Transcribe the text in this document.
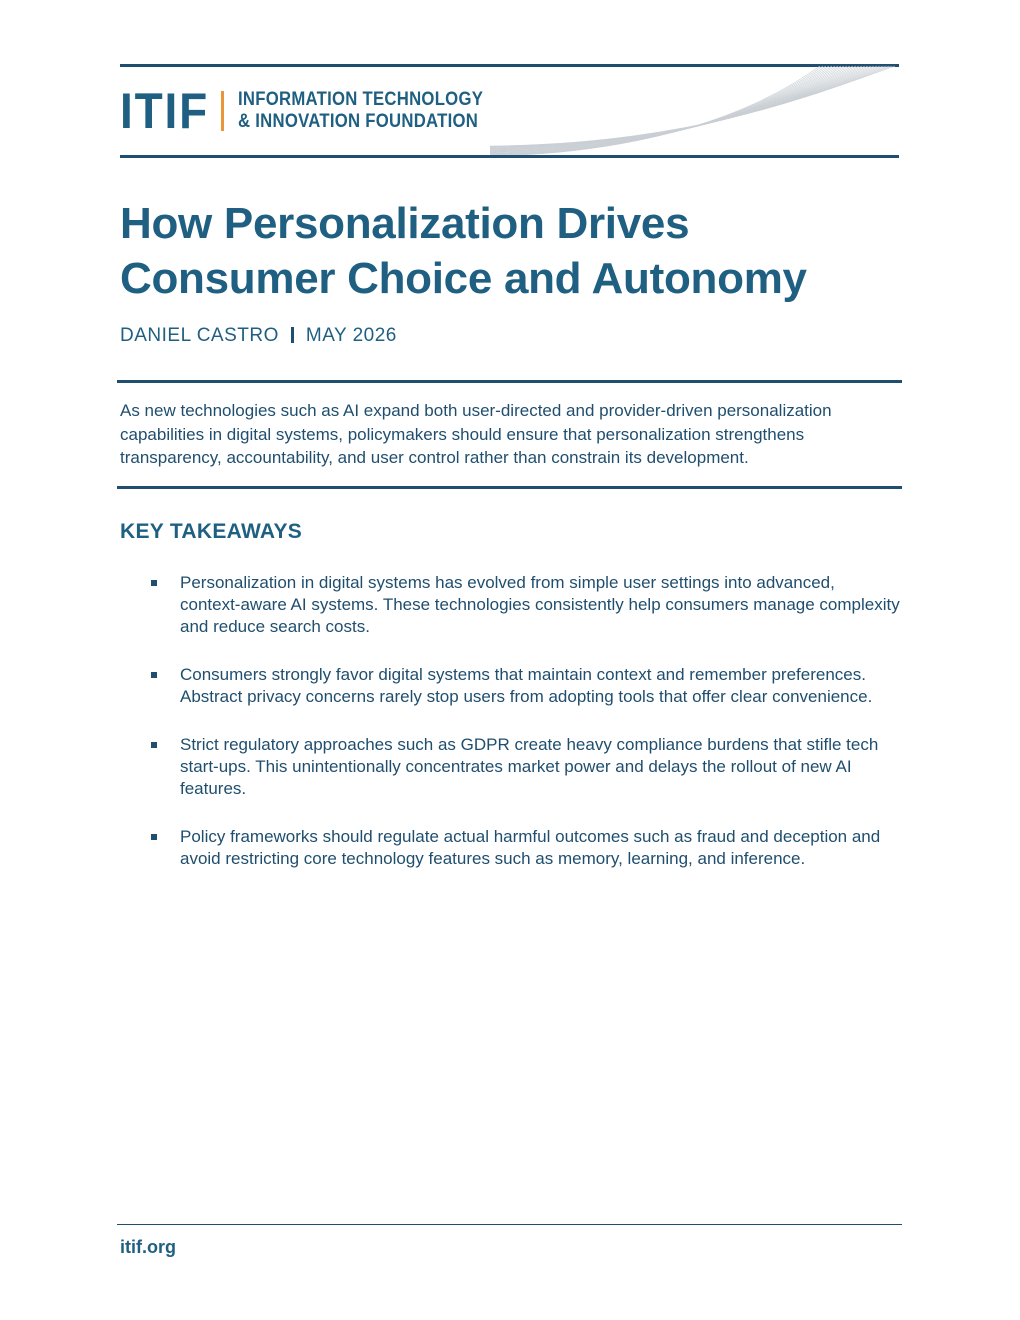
ITIF INFORMATION TECHNOLOGY
& INNOVATION FOUNDATION
How Personalization Drives Consumer Choice and Autonomy
DANIEL CASTRO MAY 2026

As new technologies such as AI expand both user-directed and provider-driven personalization capabilities in digital systems, policymakers should ensure that personalization strengthens transparency, accountability, and user control rather than constrain its development.

KEY TAKEAWAYS
Personalization in digital systems has evolved from simple user settings into advanced, context-aware AI systems. These technologies consistently help consumers manage complexity and reduce search costs.
Consumers strongly favor digital systems that maintain context and remember preferences. Abstract privacy concerns rarely stop users from adopting tools that offer clear convenience.
Strict regulatory approaches such as GDPR create heavy compliance burdens that stifle tech start-ups. This unintentionally concentrates market power and delays the rollout of new AI features.
Policy frameworks should regulate actual harmful outcomes such as fraud and deception and avoid restricting core technology features such as memory, learning, and inference.
itif.org
